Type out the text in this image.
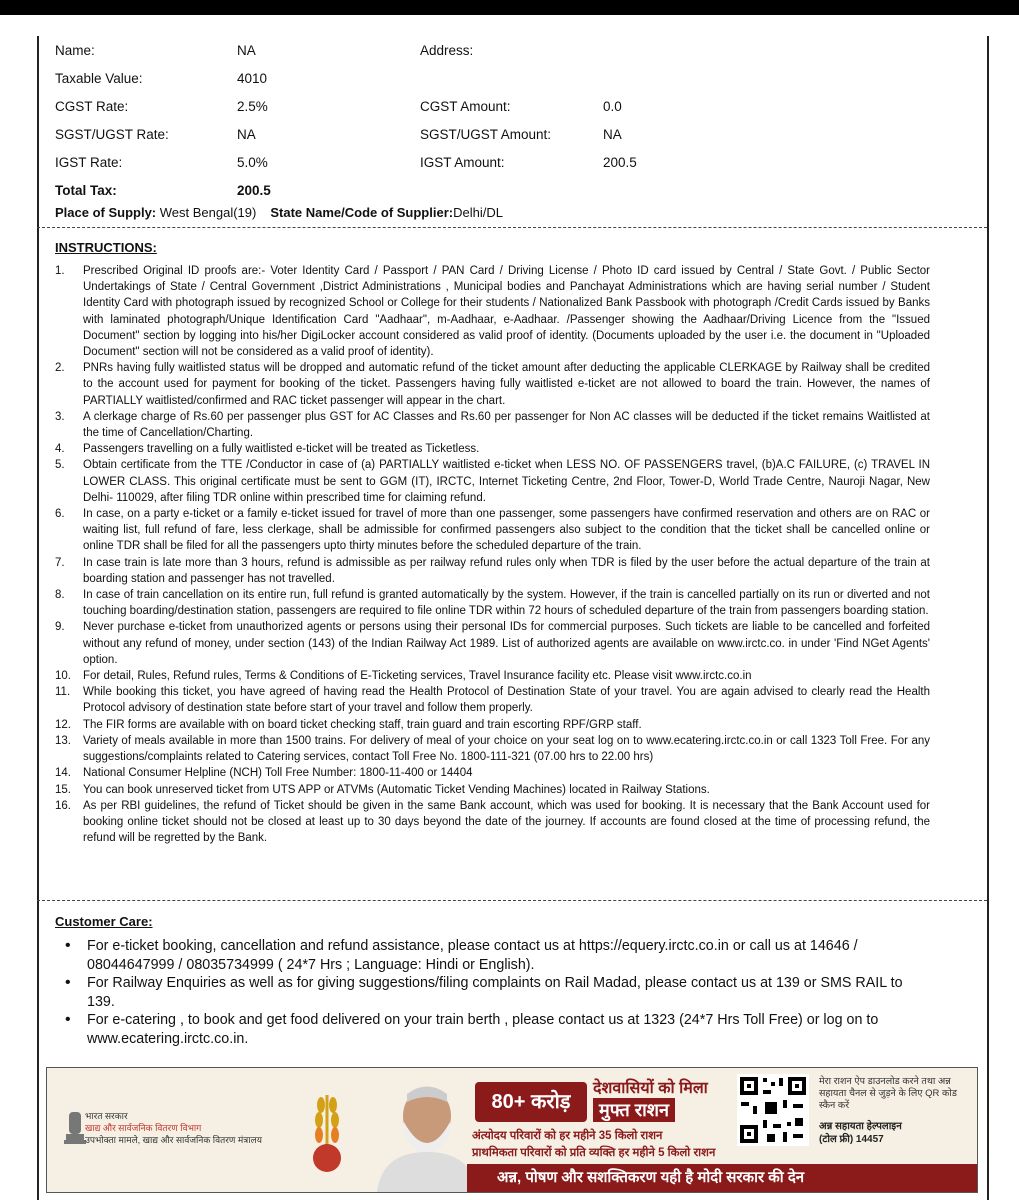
Name:	NA	Address:
Taxable Value:	4010
CGST Rate:	2.5%	CGST Amount:	0.0
SGST/UGST Rate:	NA	SGST/UGST Amount:	NA
IGST Rate:	5.0%	IGST Amount:	200.5
Total Tax:	200.5
Place of Supply: West Bengal(19) State Name/Code of Supplier:Delhi/DL
INSTRUCTIONS:
1. Prescribed Original ID proofs are:- Voter Identity Card / Passport / PAN Card / Driving License / Photo ID card issued by Central / State Govt. / Public Sector Undertakings of State / Central Government ,District Administrations , Municipal bodies and Panchayat Administrations which are having serial number / Student Identity Card with photograph issued by recognized School or College for their students / Nationalized Bank Passbook with photograph /Credit Cards issued by Banks with laminated photograph/Unique Identification Card "Aadhaar", m-Aadhaar, e-Aadhaar. /Passenger showing the Aadhaar/Driving Licence from the "Issued Document" section by logging into his/her DigiLocker account considered as valid proof of identity. (Documents uploaded by the user i.e. the document in "Uploaded Document" section will not be considered as a valid proof of identity).
2. PNRs having fully waitlisted status will be dropped and automatic refund of the ticket amount after deducting the applicable CLERKAGE by Railway shall be credited to the account used for payment for booking of the ticket. Passengers having fully waitlisted e-ticket are not allowed to board the train. However, the names of PARTIALLY waitlisted/confirmed and RAC ticket passenger will appear in the chart.
3. A clerkage charge of Rs.60 per passenger plus GST for AC Classes and Rs.60 per passenger for Non AC classes will be deducted if the ticket remains Waitlisted at the time of Cancellation/Charting.
4. Passengers travelling on a fully waitlisted e-ticket will be treated as Ticketless.
5. Obtain certificate from the TTE /Conductor in case of (a) PARTIALLY waitlisted e-ticket when LESS NO. OF PASSENGERS travel, (b)A.C FAILURE, (c) TRAVEL IN LOWER CLASS. This original certificate must be sent to GGM (IT), IRCTC, Internet Ticketing Centre, 2nd Floor, Tower-D, World Trade Centre, Nauroji Nagar, New Delhi- 110029, after filing TDR online within prescribed time for claiming refund.
6. In case, on a party e-ticket or a family e-ticket issued for travel of more than one passenger, some passengers have confirmed reservation and others are on RAC or waiting list, full refund of fare, less clerkage, shall be admissible for confirmed passengers also subject to the condition that the ticket shall be cancelled online or online TDR shall be filed for all the passengers upto thirty minutes before the scheduled departure of the train.
7. In case train is late more than 3 hours, refund is admissible as per railway refund rules only when TDR is filed by the user before the actual departure of the train at boarding station and passenger has not travelled.
8. In case of train cancellation on its entire run, full refund is granted automatically by the system. However, if the train is cancelled partially on its run or diverted and not touching boarding/destination station, passengers are required to file online TDR within 72 hours of scheduled departure of the train from passengers boarding station.
9. Never purchase e-ticket from unauthorized agents or persons using their personal IDs for commercial purposes. Such tickets are liable to be cancelled and forfeited without any refund of money, under section (143) of the Indian Railway Act 1989. List of authorized agents are available on www.irctc.co. in under 'Find NGet Agents' option.
10. For detail, Rules, Refund rules, Terms & Conditions of E-Ticketing services, Travel Insurance facility etc. Please visit www.irctc.co.in
11. While booking this ticket, you have agreed of having read the Health Protocol of Destination State of your travel. You are again advised to clearly read the Health Protocol advisory of destination state before start of your travel and follow them properly.
12. The FIR forms are available with on board ticket checking staff, train guard and train escorting RPF/GRP staff.
13. Variety of meals available in more than 1500 trains. For delivery of meal of your choice on your seat log on to www.ecatering.irctc.co.in or call 1323 Toll Free. For any suggestions/complaints related to Catering services, contact Toll Free No. 1800-111-321 (07.00 hrs to 22.00 hrs)
14. National Consumer Helpline (NCH) Toll Free Number: 1800-11-400 or 14404
15. You can book unreserved ticket from UTS APP or ATVMs (Automatic Ticket Vending Machines) located in Railway Stations.
16. As per RBI guidelines, the refund of Ticket should be given in the same Bank account, which was used for booking. It is necessary that the Bank Account used for booking online ticket should not be closed at least up to 30 days beyond the date of the journey. If accounts are found closed at the time of processing refund, the refund will be regretted by the Bank.
Customer Care:
• For e-ticket booking, cancellation and refund assistance, please contact us at https://equery.irctc.co.in or call us at 14646 / 08044647999 / 08035734999 ( 24*7 Hrs ; Language: Hindi or English).
• For Railway Enquiries as well as for giving suggestions/filing complaints on Rail Madad, please contact us at 139 or SMS RAIL to 139.
• For e-catering , to book and get food delivered on your train berth , please contact us at 1323 (24*7 Hrs Toll Free) or log on to www.ecatering.irctc.co.in.
भारत सरकार
खाद्य और सार्वजनिक वितरण विभाग
उपभोक्ता मामले, खाद्य और सार्वजनिक वितरण मंत्रालय
80+ करोड़
देशवासियों को मिला
मुफ्त राशन
अंत्योदय परिवारों को हर महीने 35 किलो राशन
प्राथमिकता परिवारों को प्रति व्यक्ति हर महीने 5 किलो राशन
मेरा राशन ऐप डाउनलोड करने तथा अन्न सहायता चैनल से जुड़ने के लिए QR कोड स्कैन करें
अन्न सहायता हेल्पलाइन
(टोल फ्री) 14457
अन्न, पोषण और सशक्तिकरण यही है मोदी सरकार की देन
